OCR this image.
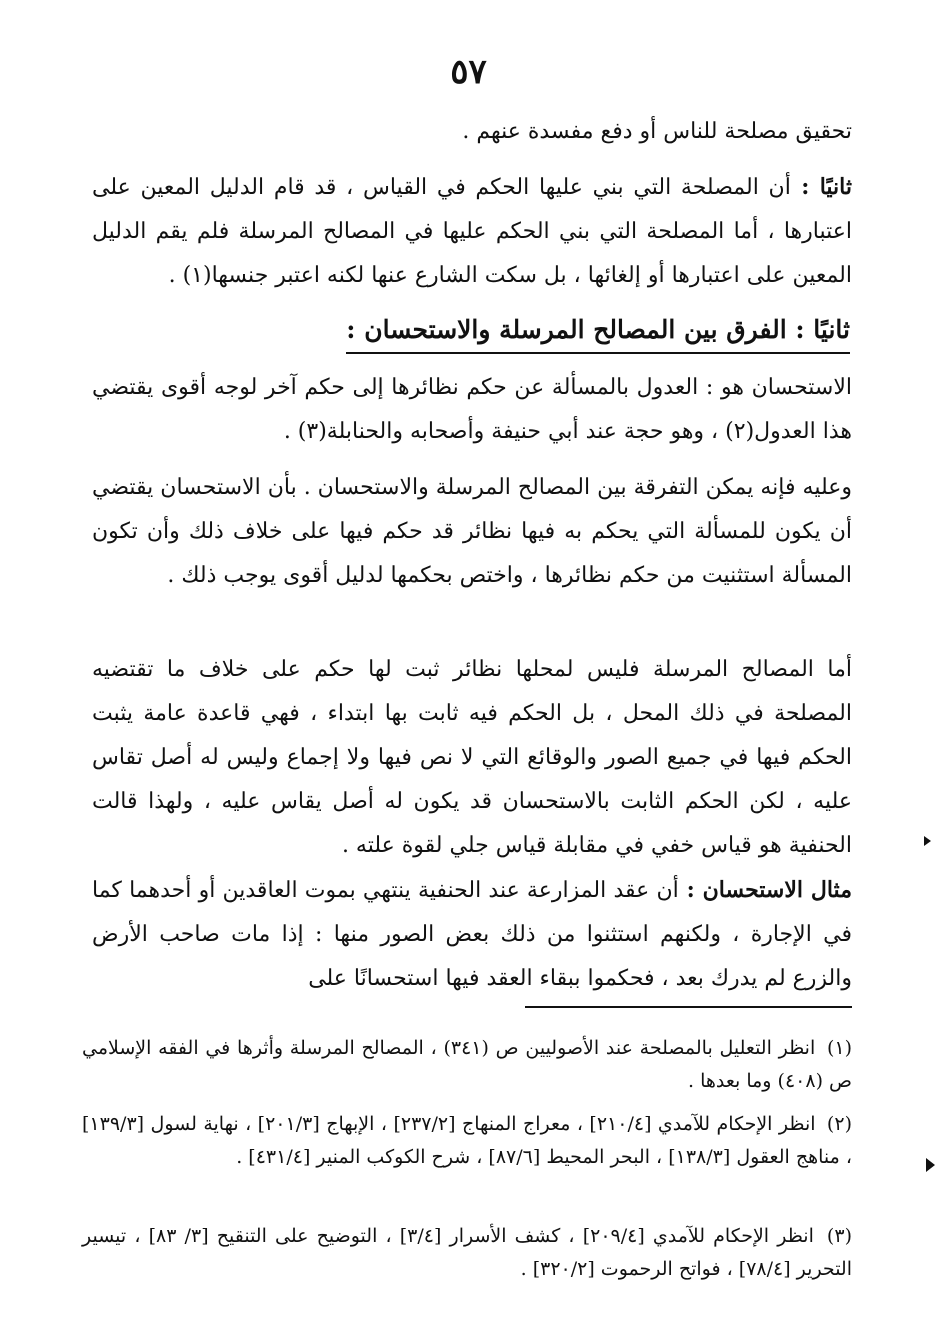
٥٧

تحقيق مصلحة للناس أو دفع مفسدة عنهم .

ثانيًا : أن المصلحة التي بني عليها الحكم في القياس ، قد قام الدليل المعين على اعتبارها ، أما المصلحة التي بني الحكم عليها في المصالح المرسلة فلم يقم الدليل المعين على اعتبارها أو إلغائها ، بل سكت الشارع عنها لكنه اعتبر جنسها(١) .

ثانيًا : الفرق بين المصالح المرسلة والاستحسان :

الاستحسان هو : العدول بالمسألة عن حكم نظائرها إلى حكم آخر لوجه أقوى يقتضي هذا العدول(٢) ، وهو حجة عند أبي حنيفة وأصحابه والحنابلة(٣) .

وعليه فإنه يمكن التفرقة بين المصالح المرسلة والاستحسان . بأن الاستحسان يقتضي أن يكون للمسألة التي يحكم به فيها نظائر قد حكم فيها على خلاف ذلك وأن تكون المسألة استثنيت من حكم نظائرها ، واختص بحكمها لدليل أقوى يوجب ذلك .

أما المصالح المرسلة فليس لمحلها نظائر ثبت لها حكم على خلاف ما تقتضيه المصلحة في ذلك المحل ، بل الحكم فيه ثابت بها ابتداء ، فهي قاعدة عامة يثبت الحكم فيها في جميع الصور والوقائع التي لا نص فيها ولا إجماع وليس له أصل تقاس عليه ، لكن الحكم الثابت بالاستحسان قد يكون له أصل يقاس عليه ، ولهذا قالت الحنفية هو قياس خفي في مقابلة قياس جلي لقوة علته .

مثال الاستحسان : أن عقد المزارعة عند الحنفية ينتهي بموت العاقدين أو أحدهما كما في الإجارة ، ولكنهم استثنوا من ذلك بعض الصور منها : إذا مات صاحب الأرض والزرع لم يدرك بعد ، فحكموا ببقاء العقد فيها استحسانًا على

(١) انظر التعليل بالمصلحة عند الأصوليين ص (٣٤١) ، المصالح المرسلة وأثرها في الفقه الإسلامي ص (٤٠٨) وما بعدها .

(٢) انظر الإحكام للآمدي [٢١٠/٤] ، معراج المنهاج [٢٣٧/٢] ، الإبهاج [٢٠١/٣] ، نهاية لسول [١٣٩/٣] ، مناهج العقول [١٣٨/٣] ، البحر المحيط [٨٧/٦] ، شرح الكوكب المنير [٤٣١/٤] .

(٣) انظر الإحكام للآمدي [٢٠٩/٤] ، كشف الأسرار [٣/٤] ، التوضيح على التنقيح [٣/ ٨٣] ، تيسير التحرير [٧٨/٤] ، فواتح الرحموت [٣٢٠/٢] .
